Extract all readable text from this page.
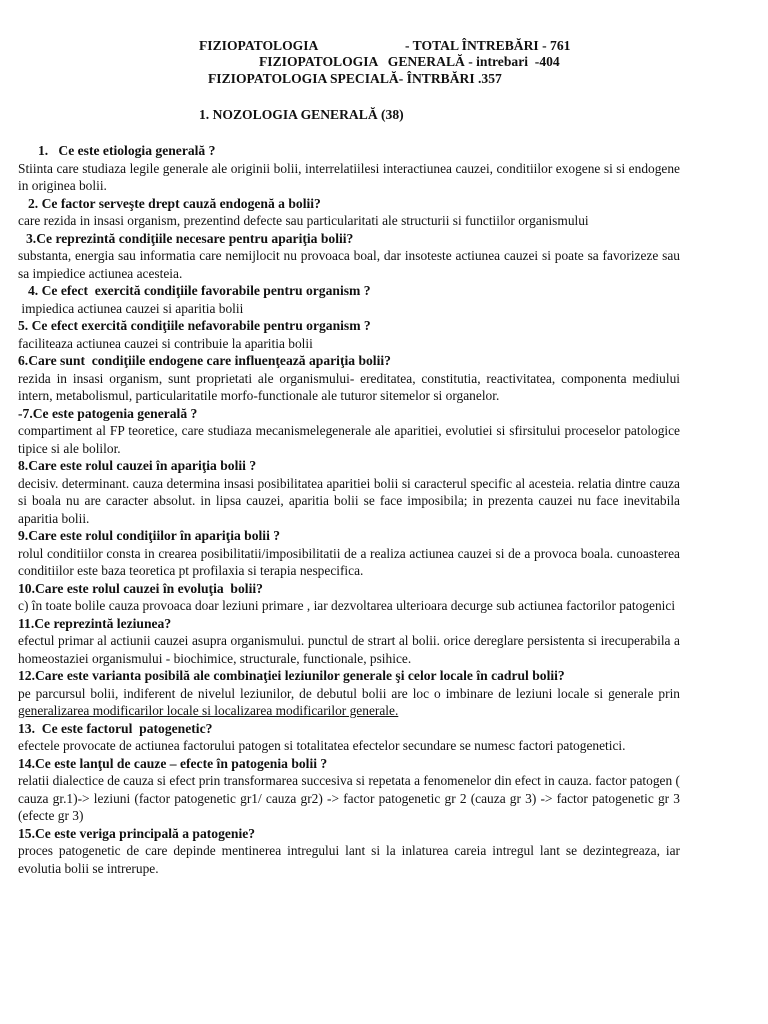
FIZIOPATOLOGIA	- TOTAL ÎNTREBĂRI - 761
FIZIOPATOLOGIA   GENERALĂ - intrebari  -404
FIZIOPATOLOGIA SPECIALĂ- ÎNTRBĂRI .357
1. NOZOLOGIA GENERALĂ (38)
1.   Ce este etiologia generală ?
Stiinta care studiaza legile generale ale originii bolii, interrelatiilesi interactiunea cauzei, conditiilor exogene si si endogene in originea bolii.
2. Ce factor serveşte drept cauză endogenă a bolii?
care rezida in insasi organism, prezentind defecte sau particularitati ale structurii si functiilor organismului
3.Ce reprezintă condiţiile necesare pentru apariţia bolii?
substanta, energia sau informatia care nemijlocit nu provoaca boal, dar insoteste actiunea cauzei si poate sa favorizeze sau sa impiedice actiunea acesteia.
4. Ce efect  exercită condiţiile favorabile pentru organism ?
impiedica actiunea cauzei si aparitia bolii
5. Ce efect exercită condiţiile nefavorabile pentru organism ?
faciliteaza actiunea cauzei si contribuie la aparitia bolii
6.Care sunt  condiţiile endogene care influenţează apariţia bolii?
rezida in insasi organism, sunt proprietati ale organismului- ereditatea, constitutia, reactivitatea, componenta mediului intern, metabolismul, particularitatile morfo-functionale ale tuturor sitemelor si organelor.
-7.Ce este patogenia generală ?
compartiment al FP teoretice, care studiaza mecanismelegenerale ale aparitiei, evolutiei si sfirsitului proceselor patologice tipice si ale bolilor.
8.Care este rolul cauzei în apariţia bolii ?
decisiv. determinant. cauza determina insasi posibilitatea aparitiei bolii si caracterul specific al acesteia. relatia dintre cauza si boala nu are caracter absolut. in lipsa cauzei, aparitia bolii se face imposibila; in prezenta cauzei nu face inevitabila aparitia bolii.
9.Care este rolul condiţiilor în apariţia bolii ?
rolul conditiilor consta in crearea posibilitatii/imposibilitatii de a realiza actiunea cauzei si de a provoca boala. cunoasterea conditiilor este baza teoretica pt profilaxia si terapia nespecifica.
10.Care este rolul cauzei în evoluţia  bolii?
c) în toate bolile cauza provoaca doar leziuni primare , iar dezvoltarea ulterioara decurge sub actiunea factorilor patogenici
11.Ce reprezintă leziunea?
efectul primar al actiunii cauzei asupra organismului. punctul de strart al bolii. orice dereglare persistenta si irecuperabila a homeostaziei organismului - biochimice, structurale, functionale, psihice.
12.Care este varianta posibilă ale combinaţiei leziunilor generale şi celor locale în cadrul bolii?
pe parcursul bolii, indiferent de nivelul leziunilor, de debutul bolii are loc o imbinare de leziuni locale si generale prin generalizarea modificarilor locale si localizarea modificarilor generale.
13.  Ce este factorul  patogenetic?
efectele provocate de actiunea factorului patogen si totalitatea efectelor secundare se numesc factori patogenetici.
14.Ce este lanţul de cauze – efecte în patogenia bolii ?
relatii dialectice de cauza si efect prin transformarea succesiva si repetata a fenomenelor din efect in cauza. factor patogen ( cauza gr.1)-> leziuni (factor patogenetic gr1/ cauza gr2) -> factor patogenetic gr 2 (cauza gr 3) -> factor patogenetic gr 3 (efecte gr 3)
15.Ce este veriga principală a patogenie?
proces patogenetic de care depinde mentinerea intregului lant si la inlaturea careia intregul lant se dezintegreaza, iar evolutia bolii se intrerupe.
